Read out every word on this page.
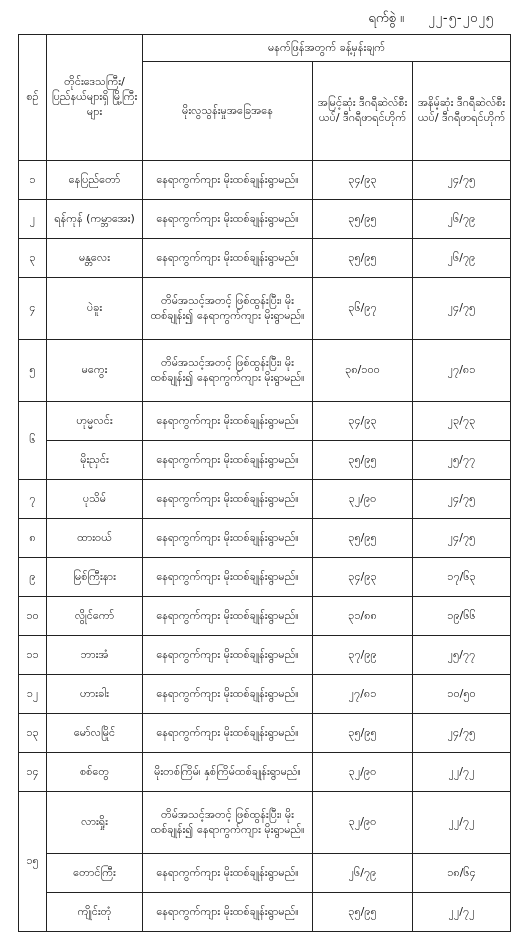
ရက်စွဲ ။ ၂၂-၅-၂၀၂၅
စဉ်	တိုင်းဒေသကြီး/ ပြည်နယ်များရှိ မြို့ကြီးများ	မနက်ဖြန်အတွက် ခန့်မှန်းချက်		
		မိုးလွသွန်းမှုအခြေအနေ	အမြင့်ဆုံး ဒီဂရီဆဲလ်စီးယပ်/ ဒီဂရီဖာရင်ဟိုက်	အနိမ့်ဆုံး ဒီဂရီဆဲလ်စီးယပ်/ ဒီဂရီဖာရင်ဟိုက်
၁	နေပြည်တော်	နေရာကွက်ကျား မိုးထစ်ချုန်းရွာမည်။	၃၄/၉၃	၂၄/၇၅
၂	ရန်ကုန် (ကမ္ဘာအေး)	နေရာကွက်ကျား မိုးထစ်ချုန်းရွာမည်။	၃၅/၉၅	၂၆/၇၉
၃	မန္တလေး	နေရာကွက်ကျား မိုးထစ်ချုန်းရွာမည်။	၃၅/၉၅	၂၆/၇၉
၄	ပဲခူး	တိမ်အသင့်အတင့် ဖြစ်ထွန်းပြီး၊ မိုးထစ်ချုန်း၍ နေရာကွက်ကျား မိုးရွာမည်။	၃၆/၉၇	၂၄/၇၅
၅	မကွေး	တိမ်အသင့်အတင့် ဖြစ်ထွန်းပြီး၊ မိုးထစ်ချုန်း၍ နေရာကွက်ကျား မိုးရွာမည်။	၃၈/၁၀၀	၂၇/၈၁
၆	ဟုမ္မလင်း	နေရာကွက်ကျား မိုးထစ်ချုန်းရွာမည်။	၃၄/၉၃	၂၃/၇၃
	မိုးညှင်း	နေရာကွက်ကျား မိုးထစ်ချုန်းရွာမည်။	၃၅/၉၅	၂၅/၇၇
၇	ပုသိမ်	နေရာကွက်ကျား မိုးထစ်ချုန်းရွာမည်။	၃၂/၉၀	၂၄/၇၅
၈	ထားဝယ်	နေရာကွက်ကျား မိုးထစ်ချုန်းရွာမည်။	၃၅/၉၅	၂၄/၇၅
၉	မြစ်ကြီးနား	နေရာကွက်ကျား မိုးထစ်ချုန်းရွာမည်။	၃၄/၉၃	၁၇/၆၃
၁၀	လွိုင်ကော်	နေရာကွက်ကျား မိုးထစ်ချုန်းရွာမည်။	၃၁/၈၈	၁၉/၆၆
၁၁	ဘားအံ	နေရာကွက်ကျား မိုးထစ်ချုန်းရွာမည်။	၃၇/၉၉	၂၅/၇၇
၁၂	ဟားခါး	နေရာကွက်ကျား မိုးထစ်ချုန်းရွာမည်။	၂၇/၈၁	၁၀/၅၀
၁၃	မော်လမြိုင်	နေရာကွက်ကျား မိုးထစ်ချုန်းရွာမည်။	၃၅/၉၅	၂၄/၇၅
၁၄	စစ်တွေ	မိုးတစ်ကြိမ်၊ နှစ်ကြိမ်ထစ်ချုန်းရွာမည်။	၃၂/၉၀	၂၂/၇၂
၁၅	လားရှိုး	တိမ်အသင့်အတင့် ဖြစ်ထွန်းပြီး၊ မိုးထစ်ချုန်း၍ နေရာကွက်ကျား မိုးရွာမည်။	၃၂/၉၀	၂၂/၇၂
	တောင်ကြီး	နေရာကွက်ကျား မိုးထစ်ချုန်းရွာမည်။	၂၆/၇၉	၁၈/၆၄
	ကျိုင်းတုံ	နေရာကွက်ကျား မိုးထစ်ချုန်းရွာမည်။	၃၅/၉၅	၂၂/၇၂
